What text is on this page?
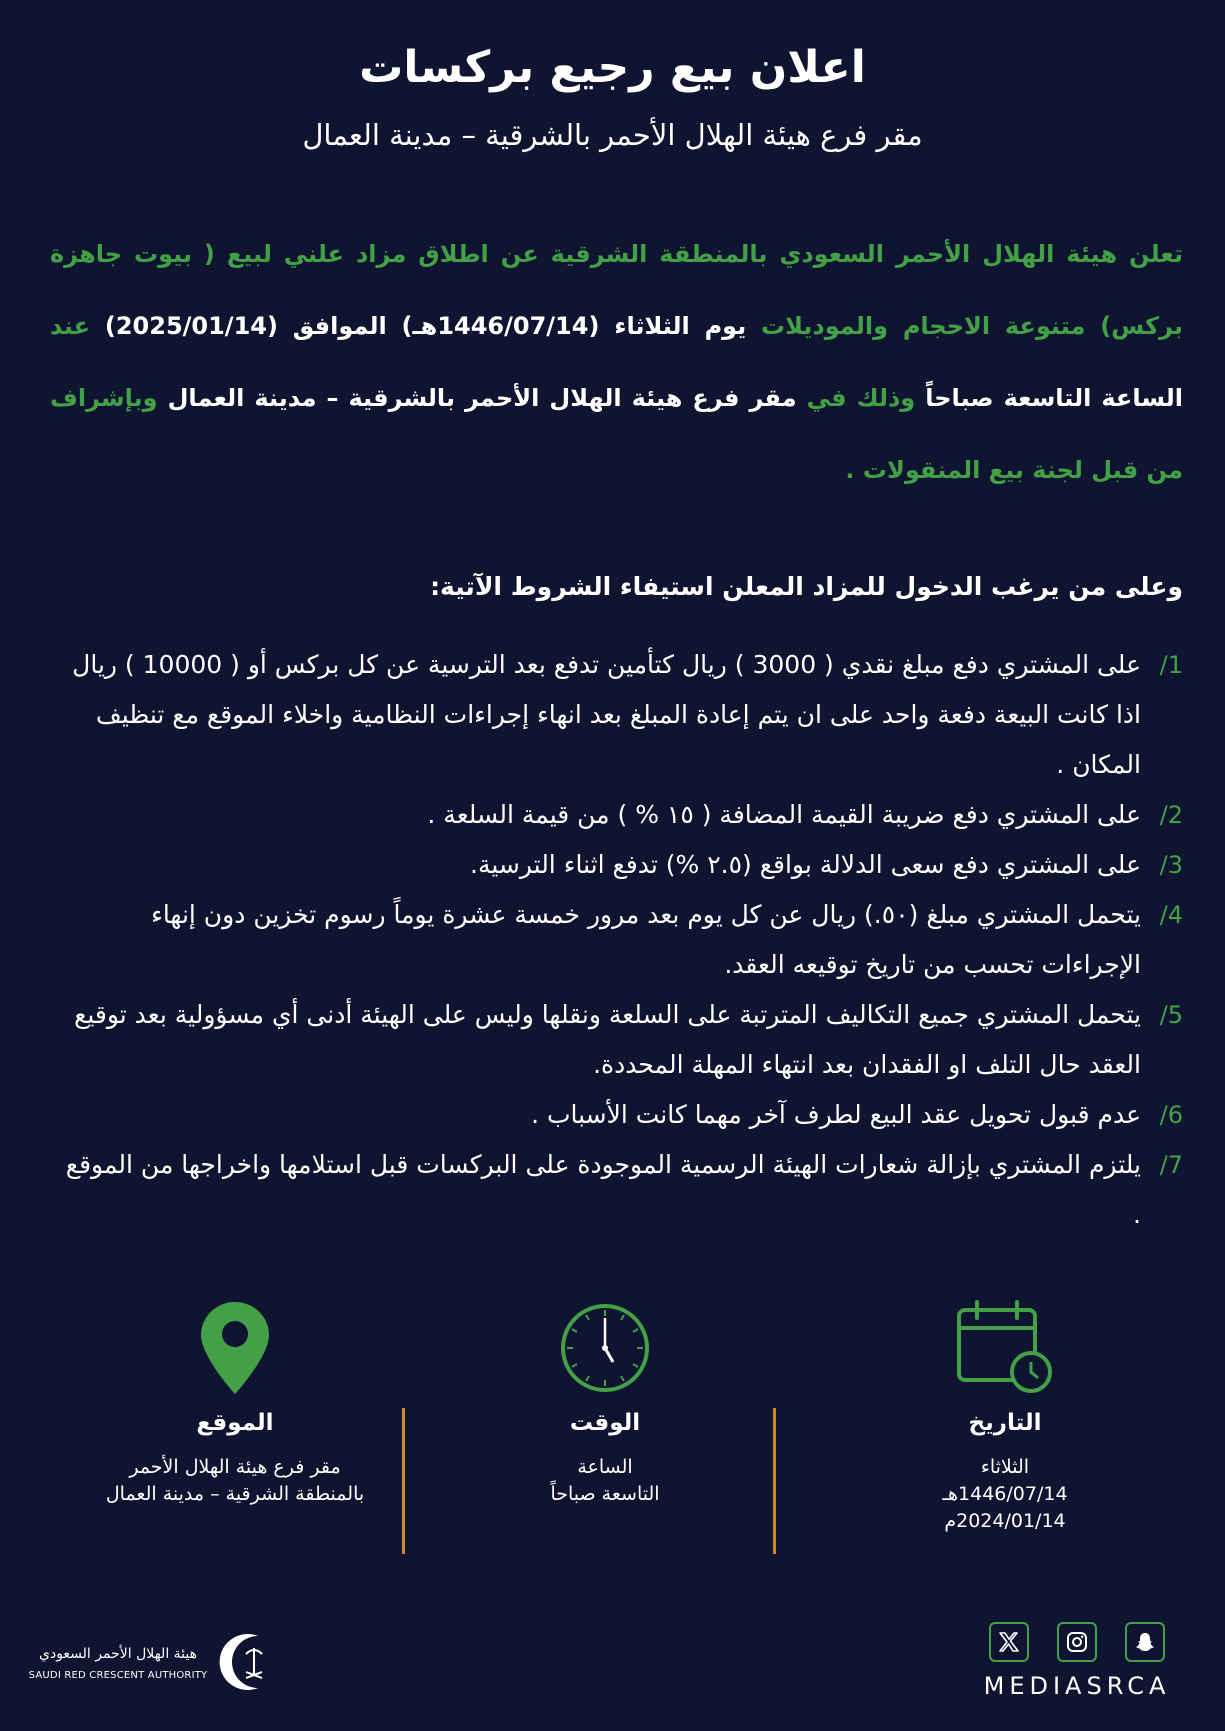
اعلان بيع رجيع بركسات
مقر فرع هيئة الهلال الأحمر بالشرقية – مدينة العمال
تعلن هيئة الهلال الأحمر السعودي بالمنطقة الشرقية عن اطلاق مزاد علني لبيع ( بيوت جاهزة بركس) متنوعة الاحجام والموديلات يوم الثلاثاء (1446/07/14هـ) الموافق (2025/01/14) عند الساعة التاسعة صباحاً وذلك في مقر فرع هيئة الهلال الأحمر بالشرقية – مدينة العمال وبإشراف من قبل لجنة بيع المنقولات .
وعلى من يرغب الدخول للمزاد المعلن استيفاء الشروط الآتية:
1/
على المشتري دفع مبلغ نقدي ( 3000 ) ريال كتأمين تدفع بعد الترسية عن كل بركس أو ( 10000 ) ريال اذا كانت البيعة دفعة واحد على ان يتم إعادة المبلغ بعد انهاء إجراءات النظامية واخلاء الموقع مع تنظيف المكان .
2/
على المشتري دفع ضريبة القيمة المضافة ( ١٥ % ) من قيمة السلعة .
3/
على المشتري دفع سعى الدلالة بواقع (٢.٥ %) تدفع اثناء الترسية.
4/
يتحمل المشتري مبلغ (٥٠.) ريال عن كل يوم بعد مرور خمسة عشرة يوماً رسوم تخزين دون إنهاء الإجراءات تحسب من تاريخ توقيعه العقد.
5/
يتحمل المشتري جميع التكاليف المترتبة على السلعة ونقلها وليس على الهيئة أدنى أي مسؤولية بعد توقيع العقد حال التلف او الفقدان بعد انتهاء المهلة المحددة.
6/
عدم قبول تحويل عقد البيع لطرف آخر مهما كانت الأسباب .
7/
يلتزم المشتري بإزالة شعارات الهيئة الرسمية الموجودة على البركسات قبل استلامها واخراجها من الموقع .
التاريخ
الثلاثاء
1446/07/14هـ
2024/01/14م
الوقت
الساعة
التاسعة صباحاً
الموقع
مقر فرع هيئة الهلال الأحمر
بالمنطقة الشرقية – مدينة العمال
هيئة الهلال الأحمر السعودي
SAUDI RED CRESCENT AUTHORITY	MEDIASRCA
